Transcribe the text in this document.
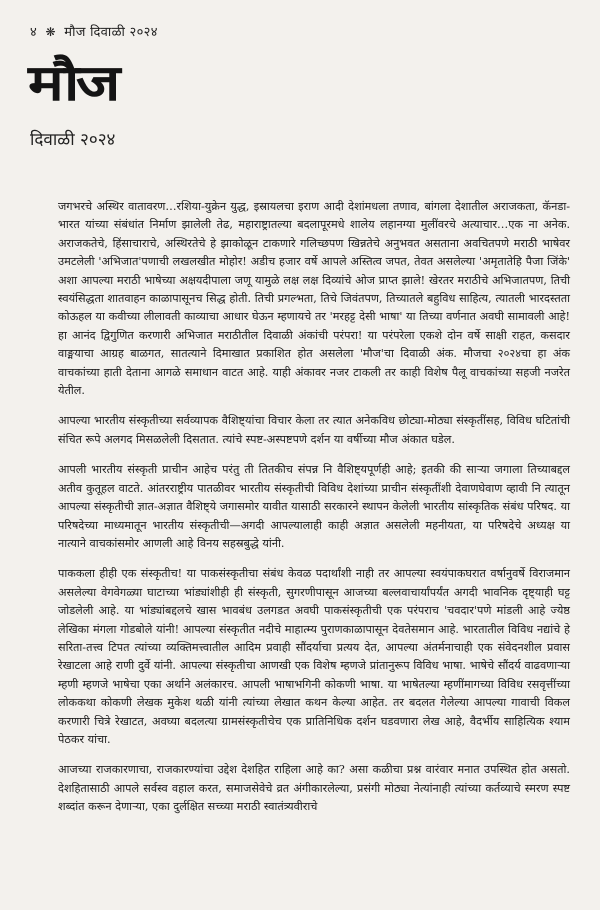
४ ❋ मौज दिवाळी २०२४
मौज
दिवाळी २०२४

जगभरचे अस्थिर वातावरण…रशिया-युक्रेन युद्ध, इस्रायलचा इराण आदी देशांमधला तणाव, बांगला देशातील अराजकता, कॅनडा-भारत यांच्या संबंधांत निर्माण झालेली तेढ, महाराष्ट्रातल्या बदलापूरमधे शालेय लहानग्या मुलींवरचे अत्याचार…एक ना अनेक. अराजकतेचे, हिंसाचाराचे, अस्थिरतेचे हे झाकोळून टाकणारे गलिच्छपण खिन्नतेचे अनुभवत असताना अवचितपणे मराठी भाषेवर उमटलेली 'अभिजात'पणाची लखलखीत मोहोर! अडीच हजार वर्षे आपले अस्तित्व जपत, तेवत असलेल्या 'अमृतातेहि पैजा जिंके' अशा आपल्या मराठी भाषेच्या अक्षयदीपाला जणू यामुळे लक्ष लक्ष दिव्यांचे ओज प्राप्त झाले! खेरतर मराठीचे अभिजातपण, तिची स्वयंसिद्धता शातवाहन काळापासूनच सिद्ध होती. तिची प्रगल्भता, तिचे जिवंतपण, तिच्यातले बहुविध साहित्य, त्यातली भारदस्तता कोऊहल या कवीच्या लीलावती काव्याचा आधार घेऊन म्हणायचे तर 'मरहट्ट देसी भाषा' या तिच्या वर्णनात अवघी सामावली आहे! हा आनंद द्विगुणित करणारी अभिजात मराठीतील दिवाळी अंकांची परंपरा! या परंपरेला एकशे दोन वर्षे साक्षी राहत, कसदार वाङ्मयाचा आग्रह बाळगत, सातत्याने दिमाखात प्रकाशित होत असलेला 'मौज'चा दिवाळी अंक. मौजचा २०२४चा हा अंक वाचकांच्या हाती देताना आगळे समाधान वाटत आहे. याही अंकावर नजर टाकली तर काही विशेष पैलू वाचकांच्या सहजी नजरेत येतील.

आपल्या भारतीय संस्कृतीच्या सर्वव्यापक वैशिष्ट्यांचा विचार केला तर त्यात अनेकविध छोट्या-मोठ्या संस्कृतींसह, विविध घटितांची संचित रूपे अलगद मिसळलेली दिसतात. त्यांचे स्पष्ट-अस्पष्टपणे दर्शन या वर्षीच्या मौज अंकात घडेल.

आपली भारतीय संस्कृती प्राचीन आहेच परंतु ती तितकीच संपन्न नि वैशिष्ट्यपूर्णही आहे; इतकी की साऱ्या जगाला तिच्याबद्दल अतीव कुतूहल वाटते. आंतरराष्ट्रीय पातळीवर भारतीय संस्कृतीची विविध देशांच्या प्राचीन संस्कृतींशी देवाणघेवाण व्हावी नि त्यातून आपल्या संस्कृतीची ज्ञात-अज्ञात वैशिष्ट्ये जगासमोर यावीत यासाठी सरकारने स्थापन केलेली भारतीय सांस्कृतिक संबंध परिषद. या परिषदेच्या माध्यमातून भारतीय संस्कृतीची—अगदी आपल्यालाही काही अज्ञात असलेली महनीयता, या परिषदेचे अध्यक्ष या नात्याने वाचकांसमोर आणली आहे विनय सहस्रबुद्धे यांनी.

पाककला हीही एक संस्कृतीच! या पाकसंस्कृतीचा संबंध केवळ पदार्थांशी नाही तर आपल्या स्वयंपाकघरात वर्षानुवर्षे विराजमान असलेल्या वेगवेगळ्या घाटाच्या भांड्यांशीही ही संस्कृती, सुगरणीपासून आजच्या बल्लवाचार्यांपर्यंत अगदी भावनिक दृष्ट्याही घट्ट जोडलेली आहे. या भांड्यांबद्दलचे खास भावबंध उलगडत अवघी पाकसंस्कृतीची एक परंपराच 'चवदार'पणे मांडली आहे ज्येष्ठ लेखिका मंगला गोडबोले यांनी! आपल्या संस्कृतीत नदीचे माहात्म्य पुराणकाळापासून देवतेसमान आहे. भारतातील विविध नद्यांचे हे सरिता-तत्त्व टिपत त्यांच्या व्यक्तिमत्त्वातील आदिम प्रवाही सौंदर्याचा प्रत्यय देत, आपल्या अंतर्मनाचाही एक संवेदनशील प्रवास रेखाटला आहे राणी दुर्वे यांनी. आपल्या संस्कृतीचा आणखी एक विशेष म्हणजे प्रांतानुरूप विविध भाषा. भाषेचे सौंदर्य वाढवणाऱ्या म्हणी म्हणजे भाषेचा एका अर्थाने अलंकारच. आपली भाषाभगिनी कोकणी भाषा. या भाषेतल्या म्हणींमागच्या विविध रसवृत्तींच्या लोककथा कोकणी लेखक मुकेश थळी यांनी त्यांच्या लेखात कथन केल्या आहेत. तर बदलत गेलेल्या आपल्या गावाची विकल करणारी चित्रे रेखाटत, अवघ्या बदलत्या ग्रामसंस्कृतीचेच एक प्रातिनिधिक दर्शन घडवणारा लेख आहे, वैदर्भीय साहित्यिक श्याम पेठकर यांचा.

आजच्या राजकारणाचा, राजकारण्यांचा उद्देश देशहित राहिला आहे का? असा कळीचा प्रश्न वारंवार मनात उपस्थित होत असतो. देशहितासाठी आपले सर्वस्व वहाल करत, समाजसेवेचे व्रत अंगीकारलेल्या, प्रसंगी मोठ्या नेत्यांनाही त्यांच्या कर्तव्याचे स्मरण स्पष्ट शब्दांत करून देणाऱ्या, एका दुर्लक्षित सच्च्या मराठी स्वातंत्र्यवीराचे
